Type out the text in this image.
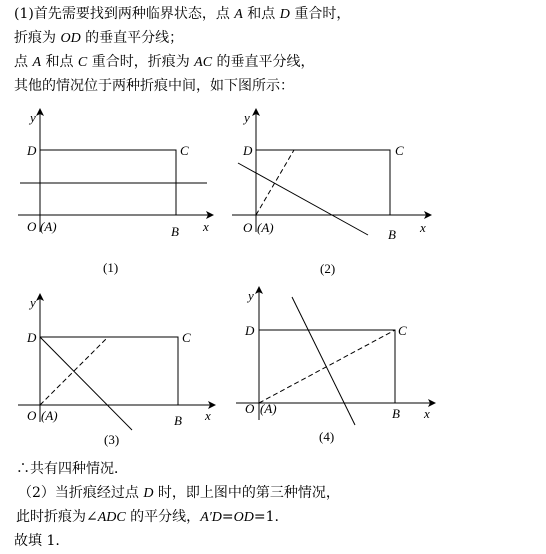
(1)首先需要找到两种临界状态，点 A 和点 D 重合时，
折痕为 OD 的垂直平分线；
点 A 和点 C 重合时，折痕为 AC 的垂直平分线，
其他的情况位于两种折痕中间，如下图所示：
y
x
D	C
O (A)	B
(1)
y
x
D	C
O (A)	B
(2)
y
x
D	C
O (A)	B
(3)
y
x
D	C
O (A)	B
(4)
∴共有四种情况．
（2）当折痕经过点 D 时，即上图中的第三种情况，
此时折痕为∠ADC 的平分线，A′D=OD=1.
故填 1.
